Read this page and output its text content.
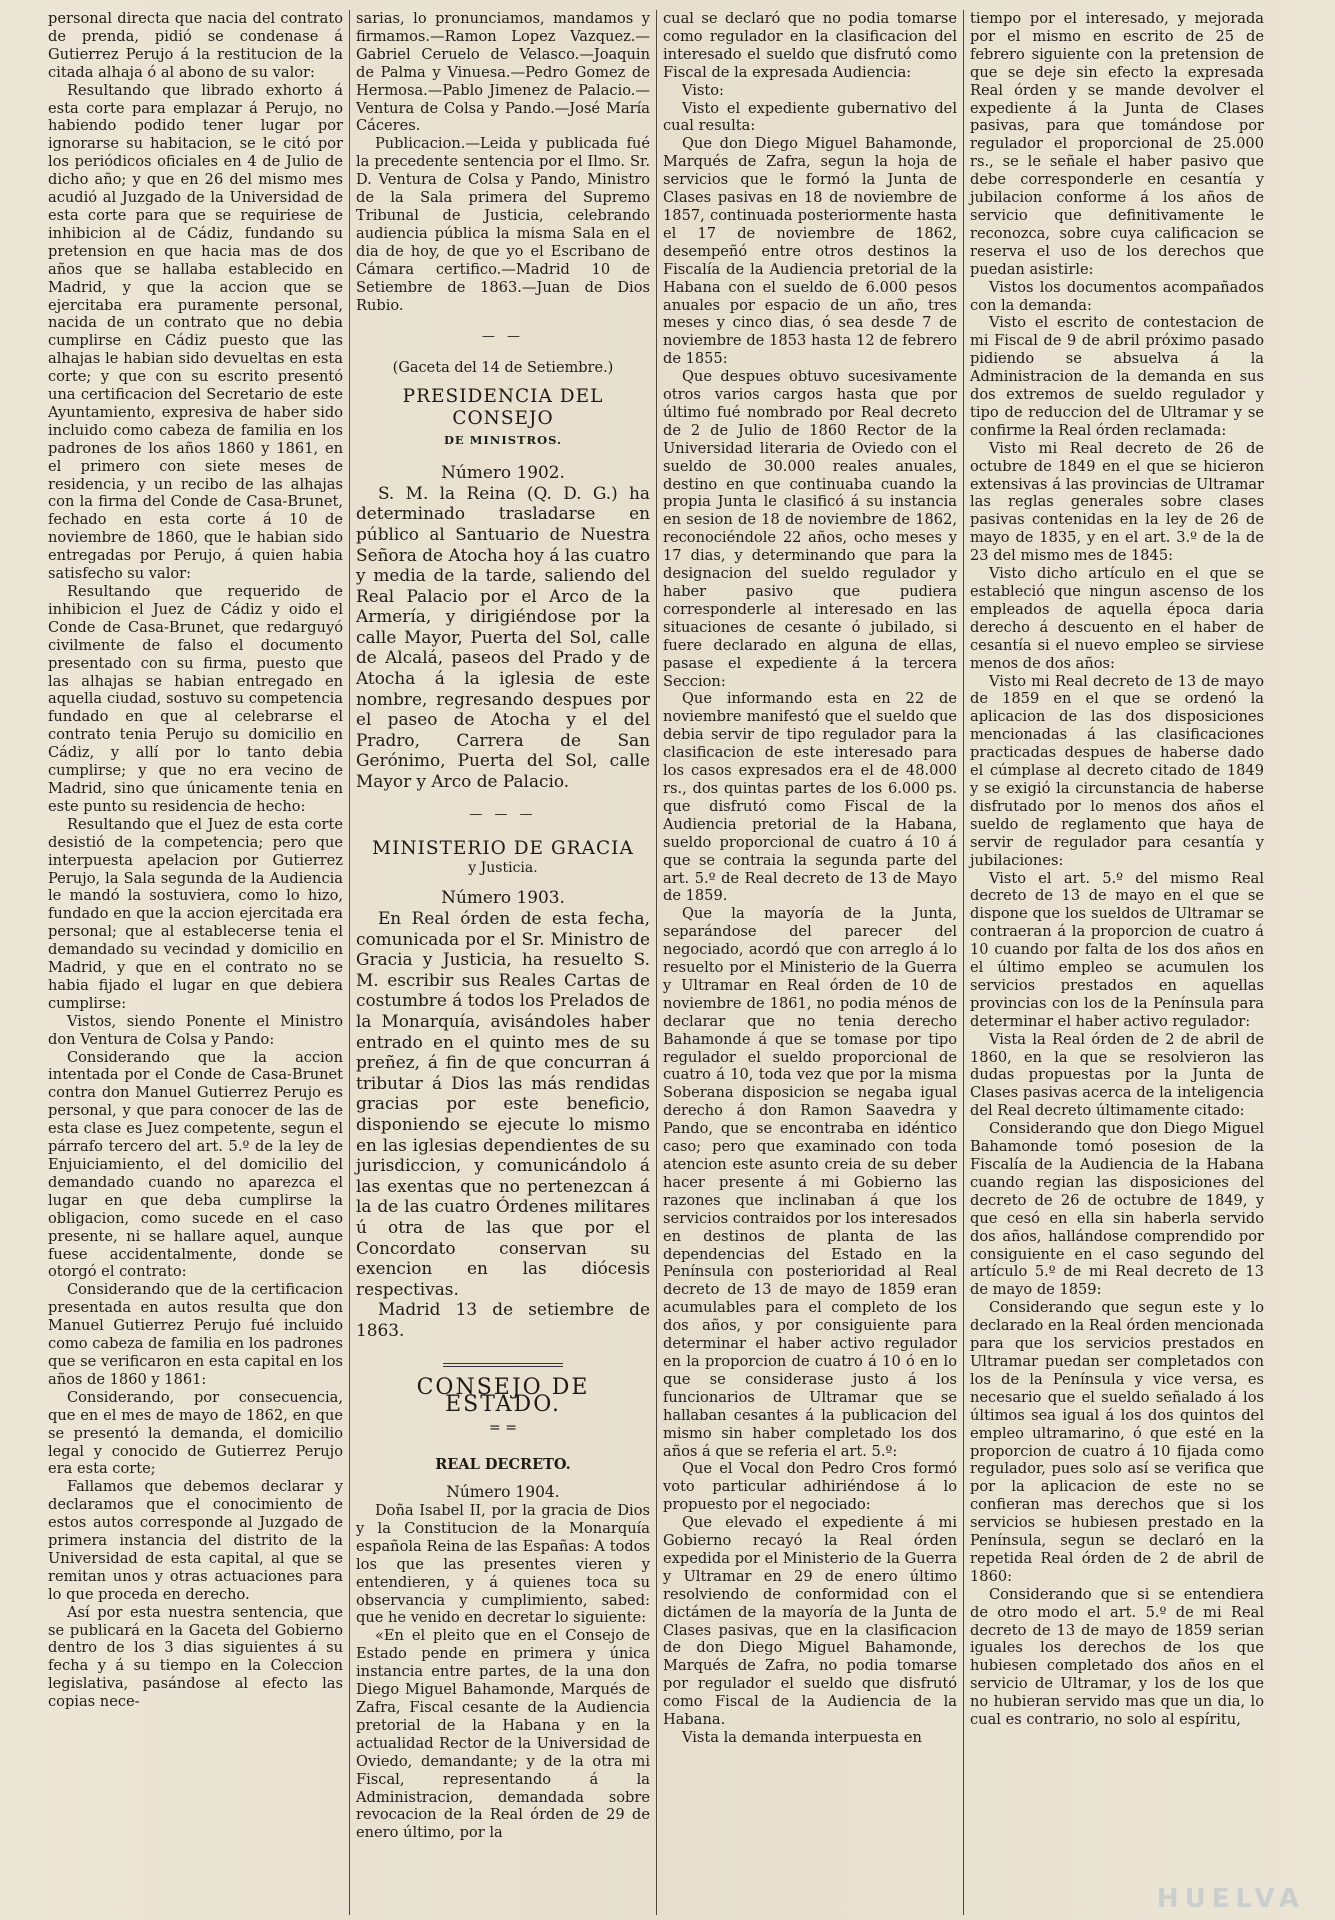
personal directa que nacia del contrato de prenda, pidió se condenase á Gutierrez Perujo á la restitucion de la citada alhaja ó al abono de su valor:

Resultando que librado exhorto á esta corte para emplazar á Perujo, no habiendo podido tener lugar por ignorarse su habitacion, se le citó por los periódicos oficiales en 4 de Julio de dicho año; y que en 26 del mismo mes acudió al Juzgado de la Universidad de esta corte para que se requiriese de inhibicion al de Cádiz, fundando su pretension en que hacia mas de dos años que se hallaba establecido en Madrid, y que la accion que se ejercitaba era puramente personal, nacida de un contrato que no debia cumplirse en Cádiz puesto que las alhajas le habian sido devueltas en esta corte; y que con su escrito presentó una certificacion del Secretario de este Ayuntamiento, expresiva de haber sido incluido como cabeza de familia en los padrones de los años 1860 y 1861, en el primero con siete meses de residencia, y un recibo de las alhajas con la firma del Conde de Casa-Brunet, fechado en esta corte á 10 de noviembre de 1860, que le habian sido entregadas por Perujo, á quien habia satisfecho su valor:

Resultando que requerido de inhibicion el Juez de Cádiz y oido el Conde de Casa-Brunet, que redarguyó civilmente de falso el documento presentado con su firma, puesto que las alhajas se habian entregado en aquella ciudad, sostuvo su competencia fundado en que al celebrarse el contrato tenia Perujo su domicilio en Cádiz, y allí por lo tanto debia cumplirse; y que no era vecino de Madrid, sino que únicamente tenia en este punto su residencia de hecho:

Resultando que el Juez de esta corte desistió de la competencia; pero que interpuesta apelacion por Gutierrez Perujo, la Sala segunda de la Audiencia le mandó la sostuviera, como lo hizo, fundado en que la accion ejercitada era personal; que al establecerse tenia el demandado su vecindad y domicilio en Madrid, y que en el contrato no se habia fijado el lugar en que debiera cumplirse:

Vistos, siendo Ponente el Ministro don Ventura de Colsa y Pando:

Considerando que la accion intentada por el Conde de Casa-Brunet contra don Manuel Gutierrez Perujo es personal, y que para conocer de las de esta clase es Juez competente, segun el párrafo tercero del art. 5.º de la ley de Enjuiciamiento, el del domicilio del demandado cuando no aparezca el lugar en que deba cumplirse la obligacion, como sucede en el caso presente, ni se hallare aquel, aunque fuese accidentalmente, donde se otorgó el contrato:

Considerando que de la certificacion presentada en autos resulta que don Manuel Gutierrez Perujo fué incluido como cabeza de familia en los padrones que se verificaron en esta capital en los años de 1860 y 1861:

Considerando, por consecuencia, que en el mes de mayo de 1862, en que se presentó la demanda, el domicilio legal y conocido de Gutierrez Perujo era esta corte;

Fallamos que debemos declarar y declaramos que el conocimiento de estos autos corresponde al Juzgado de primera instancia del distrito de la Universidad de esta capital, al que se remitan unos y otras actuaciones para lo que proceda en derecho.

Así por esta nuestra sentencia, que se publicará en la Gaceta del Gobierno dentro de los 3 dias siguientes á su fecha y á su tiempo en la Coleccion legislativa, pasándose al efecto las copias nece-

sarias, lo pronunciamos, mandamos y firmamos.—Ramon Lopez Vazquez.—Gabriel Ceruelo de Velasco.—Joaquin de Palma y Vinuesa.—Pedro Gomez de Hermosa.—Pablo Jimenez de Palacio.—Ventura de Colsa y Pando.—José María Cáceres.

Publicacion.—Leida y publicada fué la precedente sentencia por el Ilmo. Sr. D. Ventura de Colsa y Pando, Ministro de la Sala primera del Supremo Tribunal de Justicia, celebrando audiencia pública la misma Sala en el dia de hoy, de que yo el Escribano de Cámara certifico.—Madrid 10 de Setiembre de 1863.—Juan de Dios Rubio.

— —

(Gaceta del 14 de Setiembre.)

PRESIDENCIA DEL CONSEJO
DE MINISTROS.

Número 1902.

S. M. la Reina (Q. D. G.) ha determinado trasladarse en público al Santuario de Nuestra Señora de Atocha hoy á las cuatro y media de la tarde, saliendo del Real Palacio por el Arco de la Armería, y dirigiéndose por la calle Mayor, Puerta del Sol, calle de Alcalá, paseos del Prado y de Atocha á la iglesia de este nombre, regresando despues por el paseo de Atocha y el del Pradro, Carrera de San Gerónimo, Puerta del Sol, calle Mayor y Arco de Palacio.

— — —
MINISTERIO DE GRACIA
y Justicia.

Número 1903.

En Real órden de esta fecha, comunicada por el Sr. Ministro de Gracia y Justicia, ha resuelto S. M. escribir sus Reales Cartas de costumbre á todos los Prelados de la Monarquía, avisándoles haber entrado en el quinto mes de su preñez, á fin de que concurran á tributar á Dios las más rendidas gracias por este beneficio, disponiendo se ejecute lo mismo en las iglesias dependientes de su jurisdiccion, y comunicándolo á las exentas que no pertenezcan á la de las cuatro Órdenes militares ú otra de las que por el Concordato conservan su exencion en las diócesis respectivas.

Madrid 13 de setiembre de 1863.

CONSEJO DE ESTADO.
= =
REAL DECRETO.

Número 1904.

Doña Isabel II, por la gracia de Dios y la Constitucion de la Monarquía española Reina de las Españas: A todos los que las presentes vieren y entendieren, y á quienes toca su observancia y cumplimiento, sabed: que he venido en decretar lo siguiente:

«En el pleito que en el Consejo de Estado pende en primera y única instancia entre partes, de la una don Diego Miguel Bahamonde, Marqués de Zafra, Fiscal cesante de la Audiencia pretorial de la Habana y en la actualidad Rector de la Universidad de Oviedo, demandante; y de la otra mi Fiscal, representando á la Administracion, demandada sobre revocacion de la Real órden de 29 de enero último, por la

cual se declaró que no podia tomarse como regulador en la clasificacion del interesado el sueldo que disfrutó como Fiscal de la expresada Audiencia:

Visto:

Visto el expediente gubernativo del cual resulta:

Que don Diego Miguel Bahamonde, Marqués de Zafra, segun la hoja de servicios que le formó la Junta de Clases pasivas en 18 de noviembre de 1857, continuada posteriormente hasta el 17 de noviembre de 1862, desempeñó entre otros destinos la Fiscalía de la Audiencia pretorial de la Habana con el sueldo de 6.000 pesos anuales por espacio de un año, tres meses y cinco dias, ó sea desde 7 de noviembre de 1853 hasta 12 de febrero de 1855:

Que despues obtuvo sucesivamente otros varios cargos hasta que por último fué nombrado por Real decreto de 2 de Julio de 1860 Rector de la Universidad literaria de Oviedo con el sueldo de 30.000 reales anuales, destino en que continuaba cuando la propia Junta le clasificó á su instancia en sesion de 18 de noviembre de 1862, reconociéndole 22 años, ocho meses y 17 dias, y determinando que para la designacion del sueldo regulador y haber pasivo que pudiera corresponderle al interesado en las situaciones de cesante ó jubilado, si fuere declarado en alguna de ellas, pasase el expediente á la tercera Seccion:

Que informando esta en 22 de noviembre manifestó que el sueldo que debia servir de tipo regulador para la clasificacion de este interesado para los casos expresados era el de 48.000 rs., dos quintas partes de los 6.000 ps. que disfrutó como Fiscal de la Audiencia pretorial de la Habana, sueldo proporcional de cuatro á 10 á que se contraia la segunda parte del art. 5.º de Real decreto de 13 de Mayo de 1859.

Que la mayoría de la Junta, separándose del parecer del negociado, acordó que con arreglo á lo resuelto por el Ministerio de la Guerra y Ultramar en Real órden de 10 de noviembre de 1861, no podia ménos de declarar que no tenia derecho Bahamonde á que se tomase por tipo regulador el sueldo proporcional de cuatro á 10, toda vez que por la misma Soberana disposicion se negaba igual derecho á don Ramon Saavedra y Pando, que se encontraba en idéntico caso; pero que examinado con toda atencion este asunto creia de su deber hacer presente á mi Gobierno las razones que inclinaban á que los servicios contraidos por los interesados en destinos de planta de las dependencias del Estado en la Península con posterioridad al Real decreto de 13 de mayo de 1859 eran acumulables para el completo de los dos años, y por consiguiente para determinar el haber activo regulador en la proporcion de cuatro á 10 ó en lo que se considerase justo á los funcionarios de Ultramar que se hallaban cesantes á la publicacion del mismo sin haber completado los dos años á que se referia el art. 5.º:

Que el Vocal don Pedro Cros formó voto particular adhiriéndose á lo propuesto por el negociado:

Que elevado el expediente á mi Gobierno recayó la Real órden expedida por el Ministerio de la Guerra y Ultramar en 29 de enero último resolviendo de conformidad con el dictámen de la mayoría de la Junta de Clases pasivas, que en la clasificacion de don Diego Miguel Bahamonde, Marqués de Zafra, no podia tomarse por regulador el sueldo que disfrutó como Fiscal de la Audiencia de la Habana.

Vista la demanda interpuesta en

tiempo por el interesado, y mejorada por el mismo en escrito de 25 de febrero siguiente con la pretension de que se deje sin efecto la expresada Real órden y se mande devolver el expediente á la Junta de Clases pasivas, para que tomándose por regulador el proporcional de 25.000 rs., se le señale el haber pasivo que debe corresponderle en cesantía y jubilacion conforme á los años de servicio que definitivamente le reconozca, sobre cuya calificacion se reserva el uso de los derechos que puedan asistirle:

Vistos los documentos acompañados con la demanda:

Visto el escrito de contestacion de mi Fiscal de 9 de abril próximo pasado pidiendo se absuelva á la Administracion de la demanda en sus dos extremos de sueldo regulador y tipo de reduccion del de Ultramar y se confirme la Real órden reclamada:

Visto mi Real decreto de 26 de octubre de 1849 en el que se hicieron extensivas á las provincias de Ultramar las reglas generales sobre clases pasivas contenidas en la ley de 26 de mayo de 1835, y en el art. 3.º de la de 23 del mismo mes de 1845:

Visto dicho artículo en el que se estableció que ningun ascenso de los empleados de aquella época daria derecho á descuento en el haber de cesantía si el nuevo empleo se sirviese menos de dos años:

Visto mi Real decreto de 13 de mayo de 1859 en el que se ordenó la aplicacion de las dos disposiciones mencionadas á las clasificaciones practicadas despues de haberse dado el cúmplase al decreto citado de 1849 y se exigió la circunstancia de haberse disfrutado por lo menos dos años el sueldo de reglamento que haya de servir de regulador para cesantía y jubilaciones:

Visto el art. 5.º del mismo Real decreto de 13 de mayo en el que se dispone que los sueldos de Ultramar se contraeran á la proporcion de cuatro á 10 cuando por falta de los dos años en el último empleo se acumulen los servicios prestados en aquellas provincias con los de la Península para determinar el haber activo regulador:

Vista la Real órden de 2 de abril de 1860, en la que se resolvieron las dudas propuestas por la Junta de Clases pasivas acerca de la inteligencia del Real decreto últimamente citado:

Considerando que don Diego Miguel Bahamonde tomó posesion de la Fiscalía de la Audiencia de la Habana cuando regian las disposiciones del decreto de 26 de octubre de 1849, y que cesó en ella sin haberla servido dos años, hallándose comprendido por consiguiente en el caso segundo del artículo 5.º de mi Real decreto de 13 de mayo de 1859:

Considerando que segun este y lo declarado en la Real órden mencionada para que los servicios prestados en Ultramar puedan ser completados con los de la Península y vice versa, es necesario que el sueldo señalado á los últimos sea igual á los dos quintos del empleo ultramarino, ó que esté en la proporcion de cuatro á 10 fijada como regulador, pues solo así se verifica que por la aplicacion de este no se confieran mas derechos que si los servicios se hubiesen prestado en la Península, segun se declaró en la repetida Real órden de 2 de abril de 1860:

Considerando que si se entendiera de otro modo el art. 5.º de mi Real decreto de 13 de mayo de 1859 serian iguales los derechos de los que hubiesen completado dos años en el servicio de Ultramar, y los de los que no hubieran servido mas que un dia, lo cual es contrario, no solo al espíritu,

HUELVA
